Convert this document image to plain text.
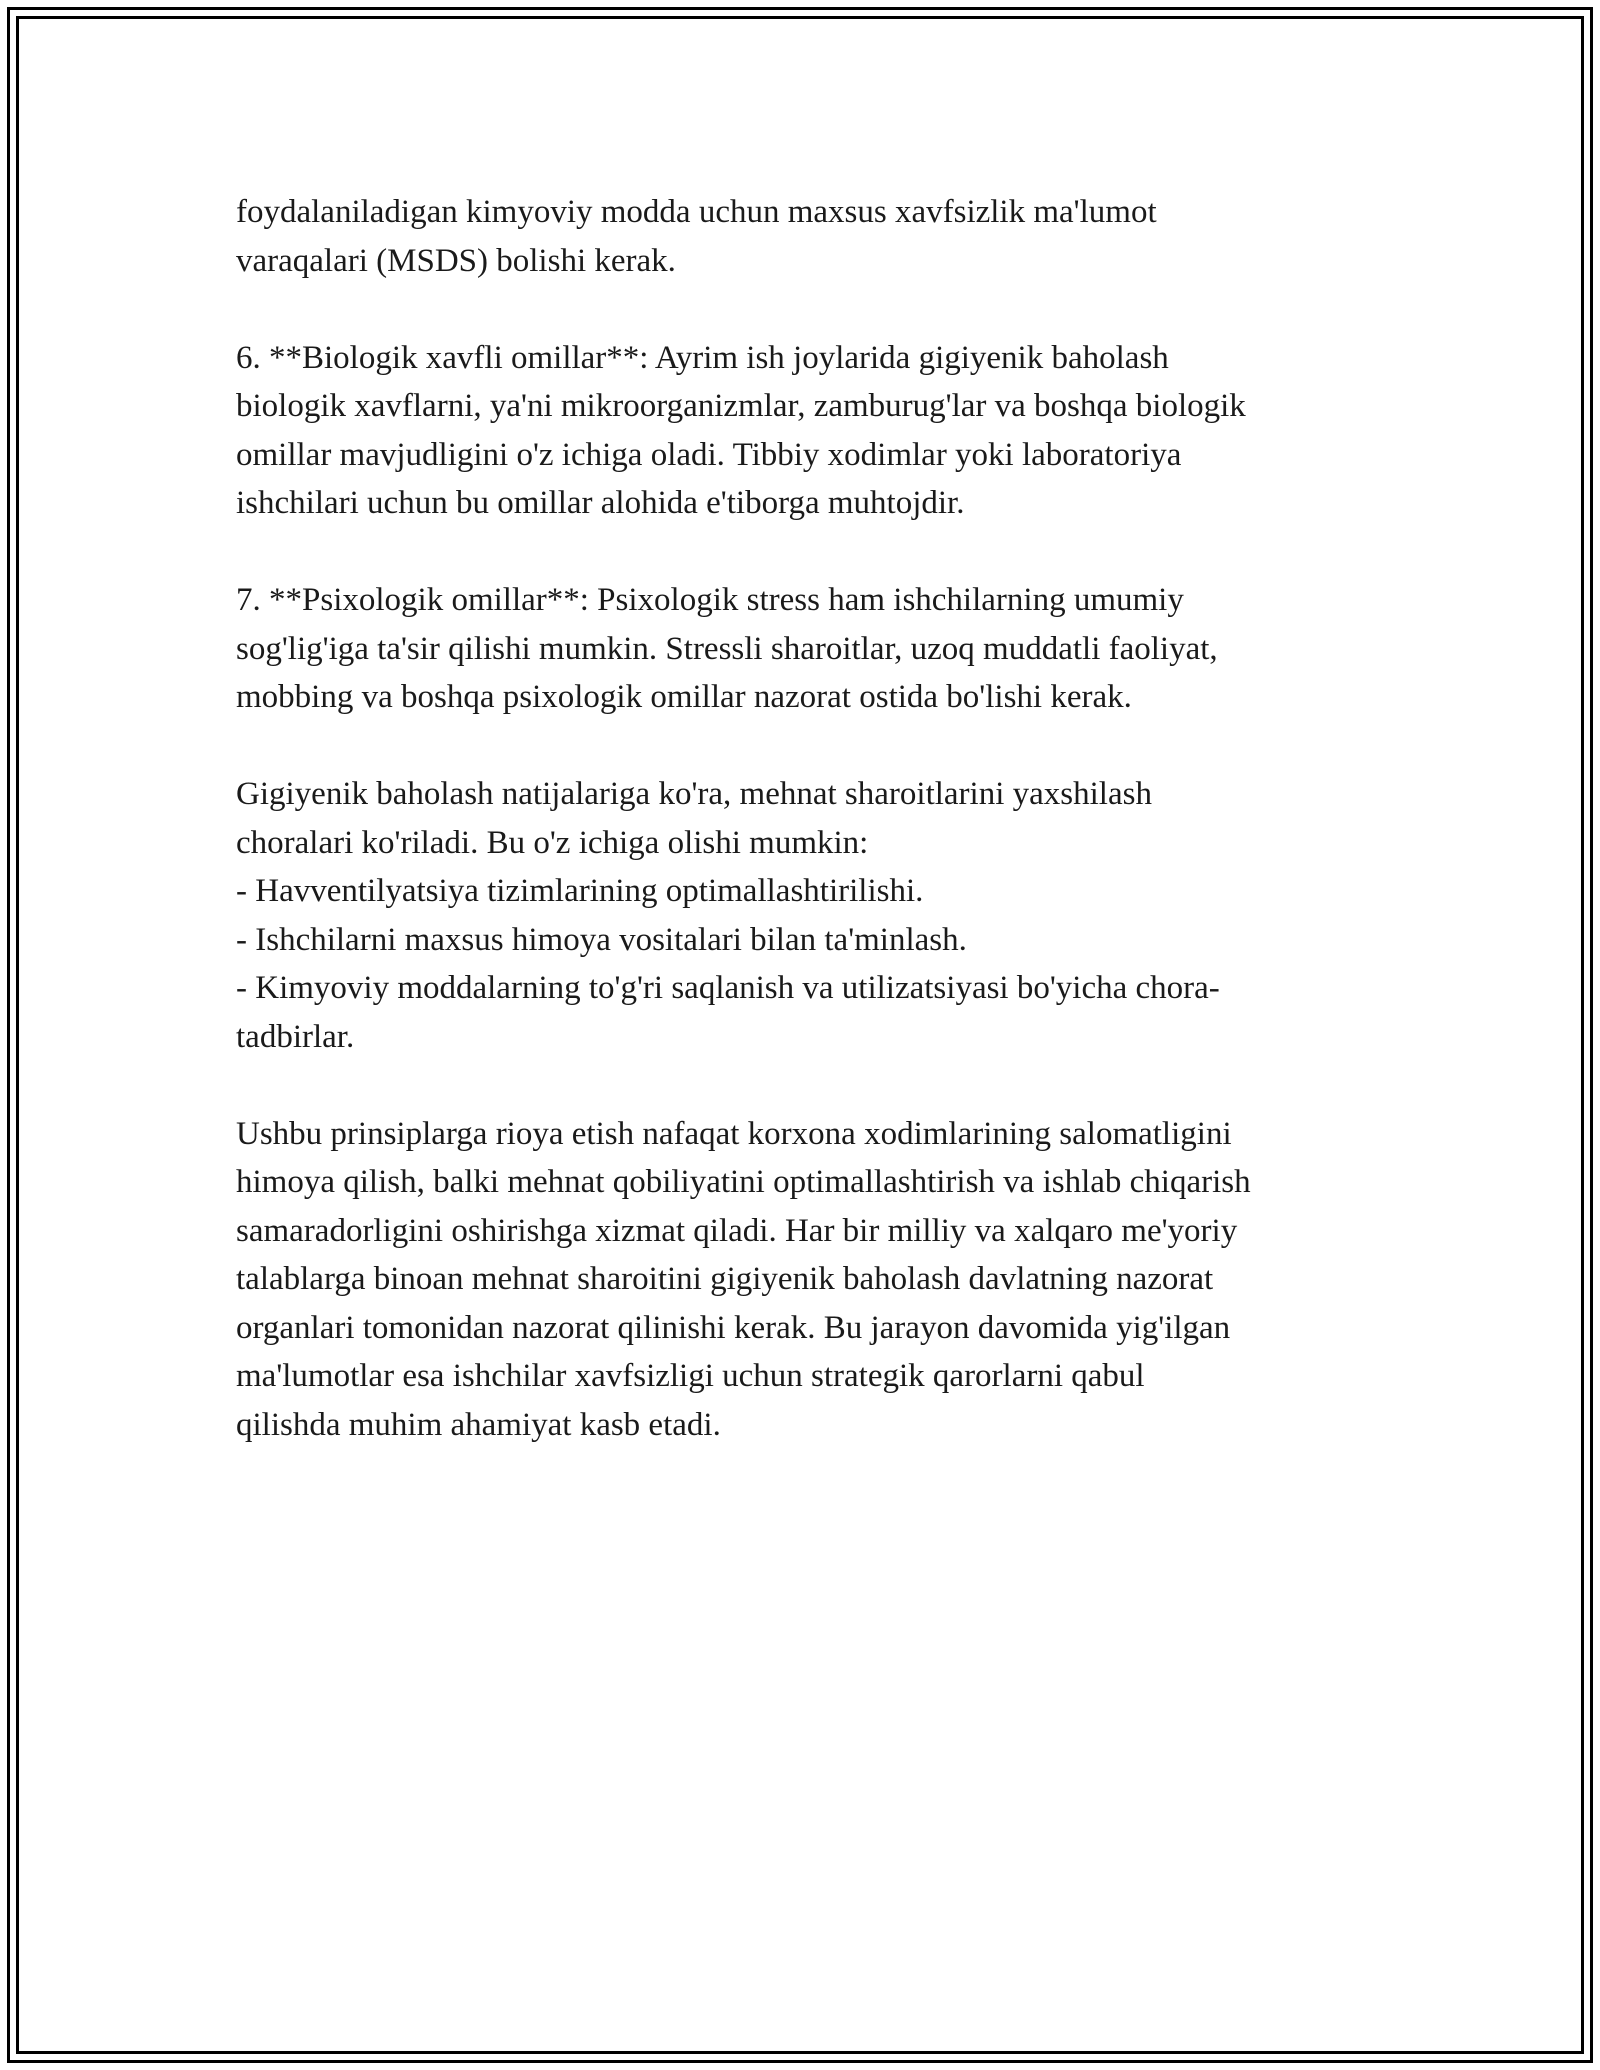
foydalaniladigan kimyoviy modda uchun maxsus xavfsizlik ma'lumot
varaqalari (MSDS) bolishi kerak.

6. **Biologik xavfli omillar**: Ayrim ish joylarida gigiyenik baholash
biologik xavflarni, ya'ni mikroorganizmlar, zamburug'lar va boshqa biologik
omillar mavjudligini o'z ichiga oladi. Tibbiy xodimlar yoki laboratoriya
ishchilari uchun bu omillar alohida e'tiborga muhtojdir.

7. **Psixologik omillar**: Psixologik stress ham ishchilarning umumiy
sog'lig'iga ta'sir qilishi mumkin. Stressli sharoitlar, uzoq muddatli faoliyat,
mobbing va boshqa psixologik omillar nazorat ostida bo'lishi kerak.

Gigiyenik baholash natijalariga ko'ra, mehnat sharoitlarini yaxshilash
choralari ko'riladi. Bu o'z ichiga olishi mumkin:
- Havventilyatsiya tizimlarining optimallashtirilishi.
- Ishchilarni maxsus himoya vositalari bilan ta'minlash.
- Kimyoviy moddalarning to'g'ri saqlanish va utilizatsiyasi bo'yicha chora-
tadbirlar.

Ushbu prinsiplarga rioya etish nafaqat korxona xodimlarining salomatligini
himoya qilish, balki mehnat qobiliyatini optimallashtirish va ishlab chiqarish
samaradorligini oshirishga xizmat qiladi. Har bir milliy va xalqaro me'yoriy
talablarga binoan mehnat sharoitini gigiyenik baholash davlatning nazorat
organlari tomonidan nazorat qilinishi kerak. Bu jarayon davomida yig'ilgan
ma'lumotlar esa ishchilar xavfsizligi uchun strategik qarorlarni qabul
qilishda muhim ahamiyat kasb etadi.
